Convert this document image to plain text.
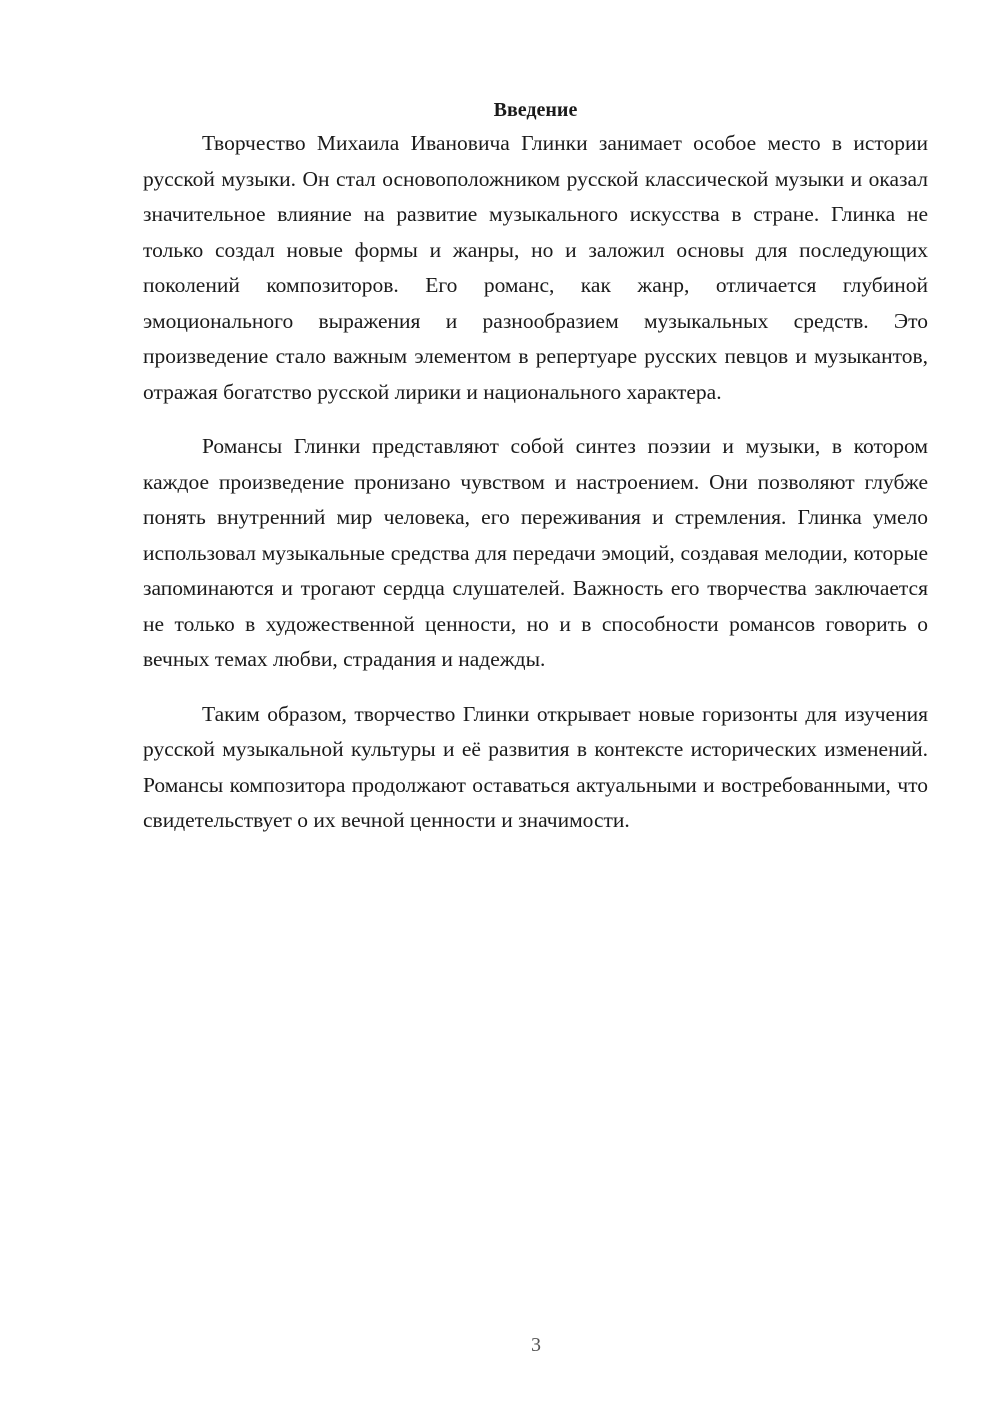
Введение

Творчество Михаила Ивановича Глинки занимает особое место в истории русской музыки. Он стал основоположником русской классической музыки и оказал значительное влияние на развитие музыкального искусства в стране. Глинка не только создал новые формы и жанры, но и заложил основы для последующих поколений композиторов. Его романс, как жанр, отличается глубиной эмоционального выражения и разнообразием музыкальных средств. Это произведение стало важным элементом в репертуаре русских певцов и музыкантов, отражая богатство русской лирики и национального характера.

Романсы Глинки представляют собой синтез поэзии и музыки, в котором каждое произведение пронизано чувством и настроением. Они позволяют глубже понять внутренний мир человека, его переживания и стремления. Глинка умело использовал музыкальные средства для передачи эмоций, создавая мелодии, которые запоминаются и трогают сердца слушателей. Важность его творчества заключается не только в художественной ценности, но и в способности романсов говорить о вечных темах любви, страдания и надежды.

Таким образом, творчество Глинки открывает новые горизонты для изучения русской музыкальной культуры и её развития в контексте исторических изменений. Романсы композитора продолжают оставаться актуальными и востребованными, что свидетельствует о их вечной ценности и значимости.

3
